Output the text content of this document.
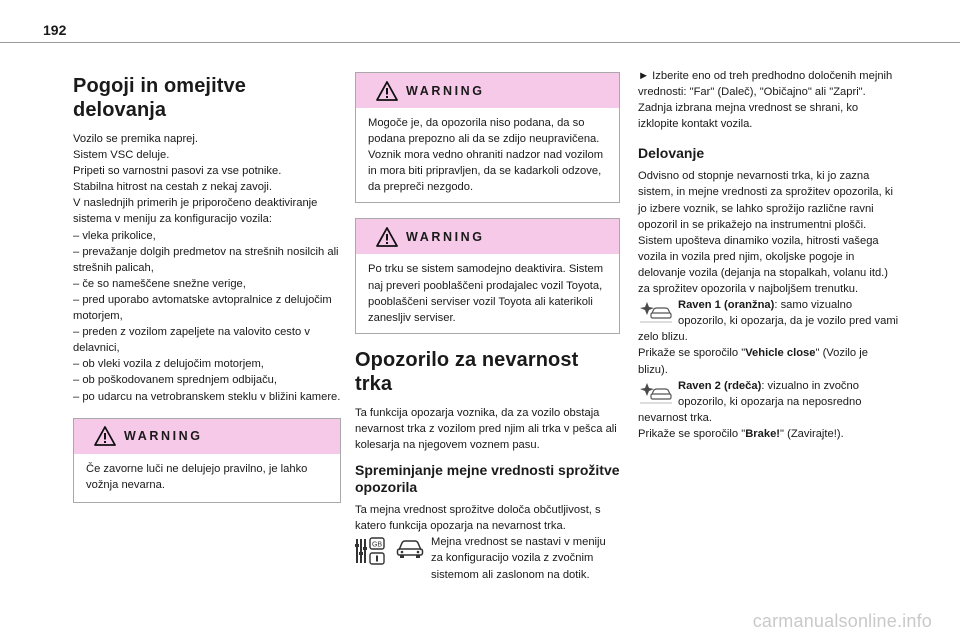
192
Pogoji in omejitve delovanja

Vozilo se premika naprej.
Sistem VSC deluje.
Pripeti so varnostni pasovi za vse potnike.
Stabilna hitrost na cestah z nekaj zavoji.
V naslednjih primerih je priporočeno deaktiviranje sistema v meniju za konfiguracijo vozila:
– vleka prikolice,
– prevažanje dolgih predmetov na strešnih nosilcih ali strešnih palicah,
– če so nameščene snežne verige,
– pred uporabo avtomatske avtopralnice z delujočim motorjem,
– preden z vozilom zapeljete na valovito cesto v delavnici,
– ob vleki vozila z delujočim motorjem,
– ob poškodovanem sprednjem odbijaču,
– po udarcu na vetrobranskem steklu v bližini kamere.

WARNING

Če zavorne luči ne delujejo pravilno, je lahko vožnja nevarna.

WARNING

Mogoče je, da opozorila niso podana, da so podana prepozno ali da se zdijo neupravičena.
Voznik mora vedno ohraniti nadzor nad vozilom in mora biti pripravljen, da se kadarkoli odzove, da prepreči nezgodo.

WARNING

Po trku se sistem samodejno deaktivira. Sistem naj preveri pooblaščeni prodajalec vozil Toyota, pooblaščeni serviser vozil Toyota ali katerikoli zanesljiv serviser.

Opozorilo za nevarnost trka

Ta funkcija opozarja voznika, da za vozilo obstaja nevarnost trka z vozilom pred njim ali trka v pešca ali kolesarja na njegovem voznem pasu.

Spreminjanje mejne vrednosti sprožitve opozorila

Ta mejna vrednost sprožitve določa občutljivost, s katero funkcija opozarja na nevarnost trka.

GB	Mejna vrednost se nastavi v meniju za konfiguracijo vozila z zvočnim sistemom ali zaslonom na dotik.

► Izberite eno od treh predhodno določenih mejnih vrednosti: "Far" (Daleč), "Običajno" ali "Zapri".

Zadnja izbrana mejna vrednost se shrani, ko izklopite kontakt vozila.

Delovanje

Odvisno od stopnje nevarnosti trka, ki jo zazna sistem, in mejne vrednosti za sprožitev opozorila, ki jo izbere voznik, se lahko sprožijo različne ravni opozoril in se prikažejo na instrumentni plošči.
Sistem upošteva dinamiko vozila, hitrosti vašega vozila in vozila pred njim, okoljske pogoje in delovanje vozila (dejanja na stopalkah, volanu itd.) za sprožitev opozorila v najboljšem trenutku.

Raven 1 (oranžna): samo vizualno opozorilo, ki opozarja, da je vozilo pred vami zelo blizu.
Prikaže se sporočilo "Vehicle close" (Vozilo je blizu).

Raven 2 (rdeča): vizualno in zvočno opozorilo, ki opozarja na neposredno nevarnost trka.
Prikaže se sporočilo "Brake!" (Zavirajte!).

carmanualsonline.info
